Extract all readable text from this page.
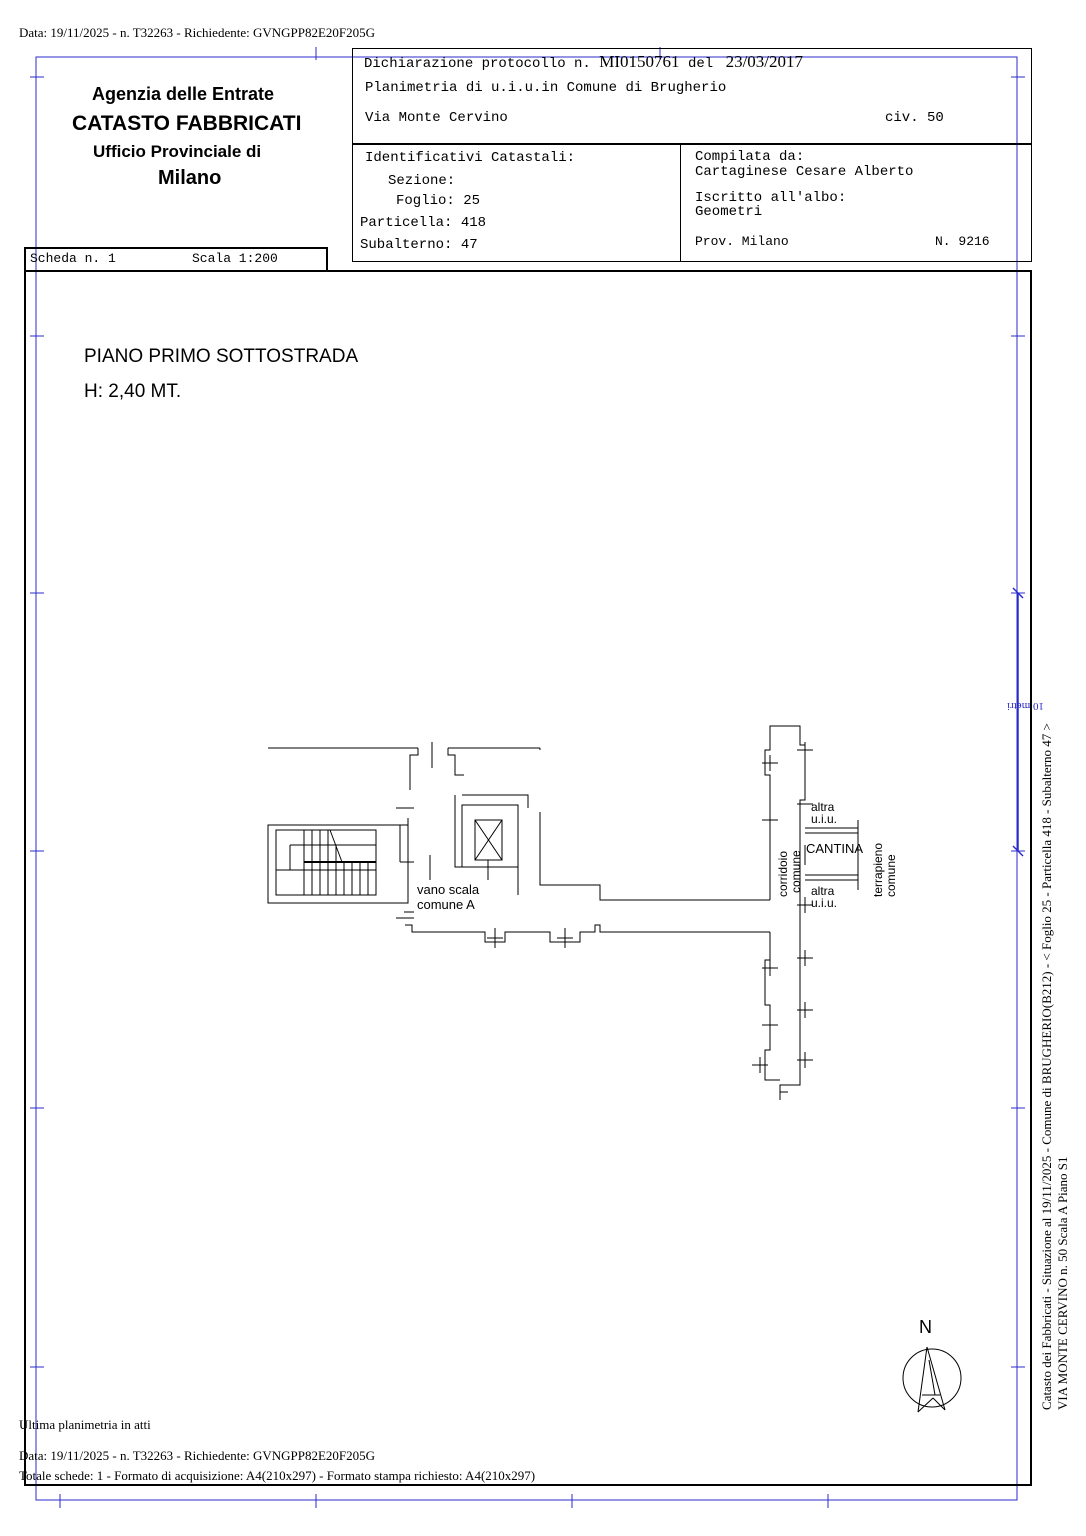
Data: 19/11/2025 - n. T32263 - Richiedente: GVNGPP82E20F205G
10 metri
Agenzia delle Entrate
CATASTO FABBRICATI
Ufficio Provinciale di
Milano
Dichiarazione protocollo n. MI0150761 del 23/03/2017
Planimetria di u.i.u.in Comune di Brugherio
Via Monte Cervino	civ. 50
Identificativi Catastali:
Sezione:
Foglio: 25
Particella: 418
Subalterno: 47
Compilata da:
Cartaginese Cesare Alberto
Iscritto all'albo:
Geometri
Prov. Milano	N. 9216
Scheda n. 1	Scala 1:200
PIANO PRIMO SOTTOSTRADA
H: 2,40 MT.
vano scala
comune A
altra
u.i.u.
CANTINA
altra
u.i.u.
corridoio comune	terrapieno comune
N	Catasto dei Fabbricati - Situazione al 19/11/2025 - Comune di BRUGHERIO(B212) - < Foglio 25 - Particella 418 - Subalterno 47 > VIA MONTE CERVINO n. 50 Scala A Piano S1
Ultima planimetria in atti
Data: 19/11/2025 - n. T32263 - Richiedente: GVNGPP82E20F205G
Totale schede: 1 - Formato di acquisizione: A4(210x297) - Formato stampa richiesto: A4(210x297)
